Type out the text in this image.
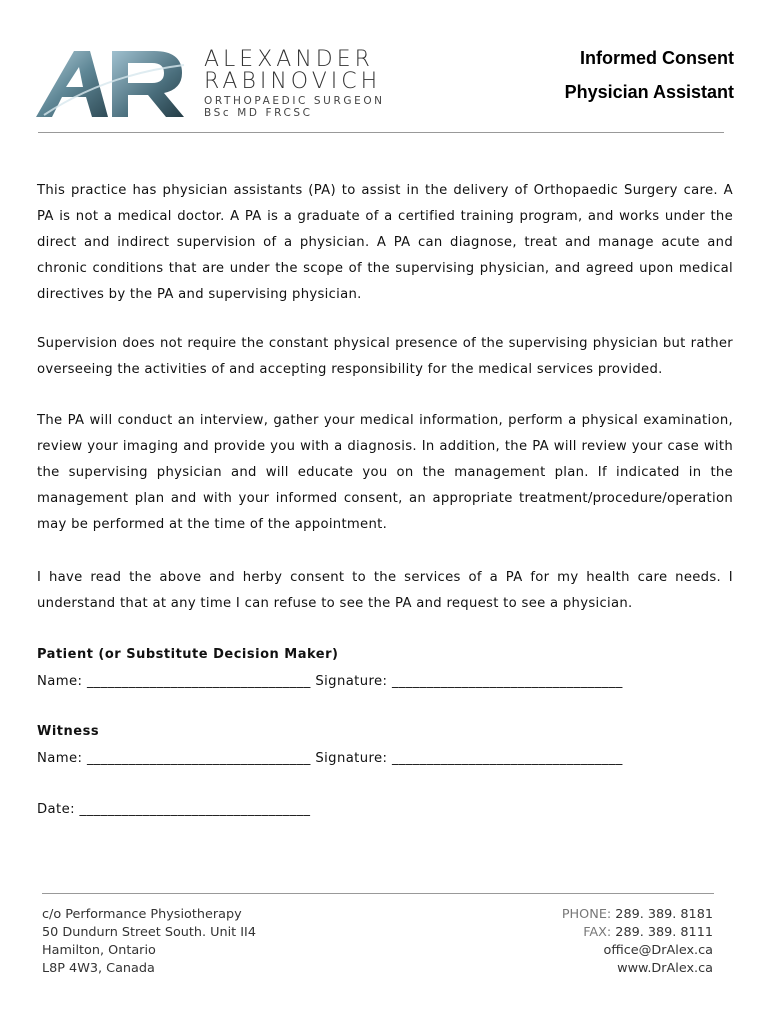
ALEXANDER
RABINOVICH
ORTHOPAEDIC SURGEON
BSc MD FRCSC
Informed Consent
Physician Assistant
This practice has physician assistants (PA) to assist in the delivery of Orthopaedic Surgery care. A PA is not a medical doctor. A PA is a graduate of a certified training program, and works under the direct and indirect supervision of a physician. A PA can diagnose, treat and manage acute and chronic conditions that are under the scope of the supervising physician, and agreed upon medical directives by the PA and supervising physician.
Supervision does not require the constant physical presence of the supervising physician but rather overseeing the activities of and accepting responsibility for the medical services provided.
The PA will conduct an interview, gather your medical information, perform a physical examination, review your imaging and provide you with a diagnosis. In addition, the PA will review your case with the supervising physician and will educate you on the management plan. If indicated in the management plan and with your informed consent, an appropriate treatment/procedure/operation may be performed at the time of the appointment.
I have read the above and herby consent to the services of a PA for my health care needs. I understand that at any time I can refuse to see the PA and request to see a physician.
Patient (or Substitute Decision Maker)
Name: ________________________________ Signature: _________________________________
Witness
Name: ________________________________ Signature: _________________________________
Date: _________________________________
c/o Performance Physiotherapy
50 Dundurn Street South. Unit II4
Hamilton, Ontario
L8P 4W3, Canada
PHONE: 289. 389. 8181
FAX: 289. 389. 8111
office@DrAlex.ca
www.DrAlex.ca
